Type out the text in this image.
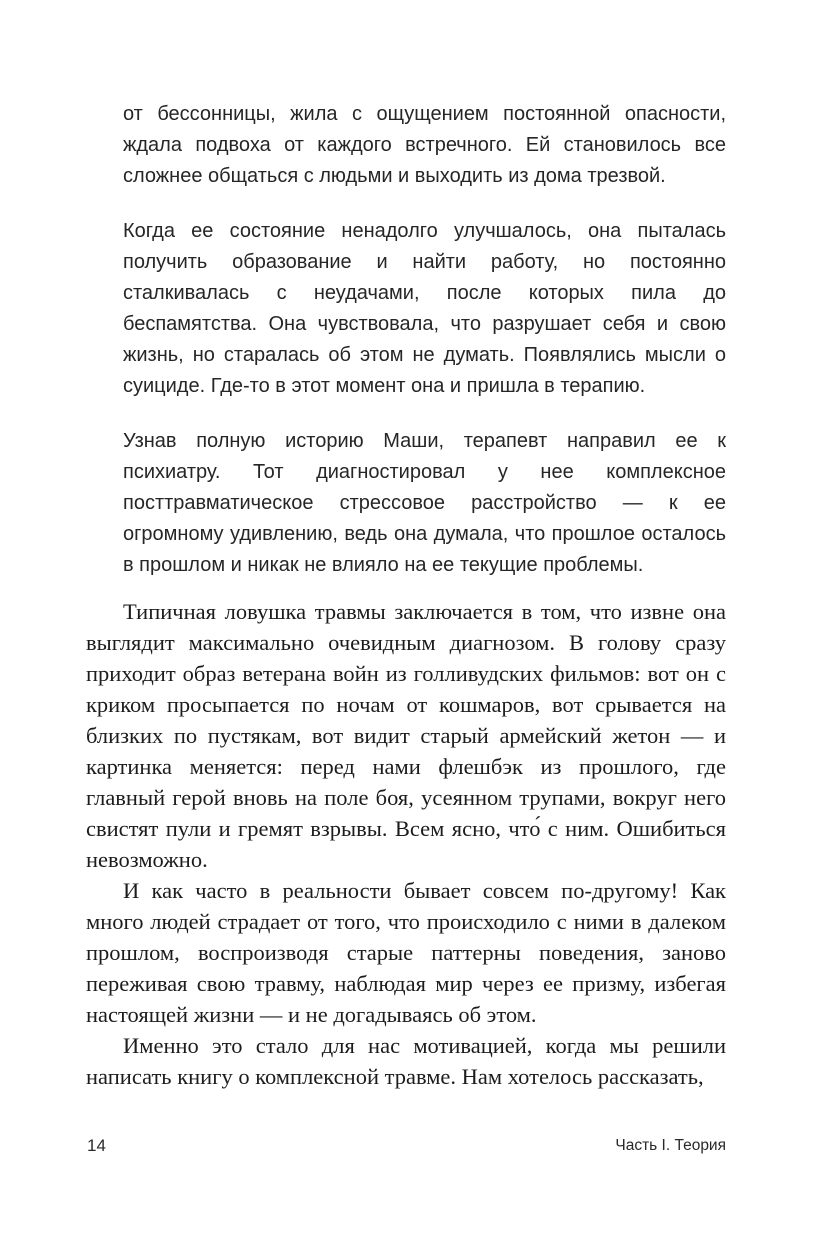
от бессонницы, жила с ощущением постоянной опасности, ждала подвоха от каждого встречного. Ей становилось все сложнее общаться с людьми и выходить из дома трезвой.

Когда ее состояние ненадолго улучшалось, она пыталась получить образование и найти работу, но постоянно сталкивалась с неудачами, после которых пила до беспамятства. Она чувствовала, что разрушает себя и свою жизнь, но старалась об этом не думать. Появлялись мысли о суициде. Где-то в этот момент она и пришла в терапию.

Узнав полную историю Маши, терапевт направил ее к психиатру. Тот диагностировал у нее комплексное посттравматическое стрессовое расстройство — к ее огромному удивлению, ведь она думала, что прошлое осталось в прошлом и никак не влияло на ее текущие проблемы.

Типичная ловушка травмы заключается в том, что извне она выглядит максимально очевидным диагнозом. В голову сразу приходит образ ветерана войн из голливудских фильмов: вот он с криком просыпается по ночам от кошмаров, вот срывается на близких по пустякам, вот видит старый армейский жетон — и картинка меняется: перед нами флешбэк из прошлого, где главный герой вновь на поле боя, усеянном трупами, вокруг него свистят пули и гремят взрывы. Всем ясно, что́ с ним. Ошибиться невозможно.

И как часто в реальности бывает совсем по-другому! Как много людей страдает от того, что происходило с ними в далеком прошлом, воспроизводя старые паттерны поведения, заново переживая свою травму, наблюдая мир через ее призму, избегая настоящей жизни — и не догадываясь об этом.

Именно это стало для нас мотивацией, когда мы решили написать книгу о комплексной травме. Нам хотелось рассказать,

14	Часть I. Теория
